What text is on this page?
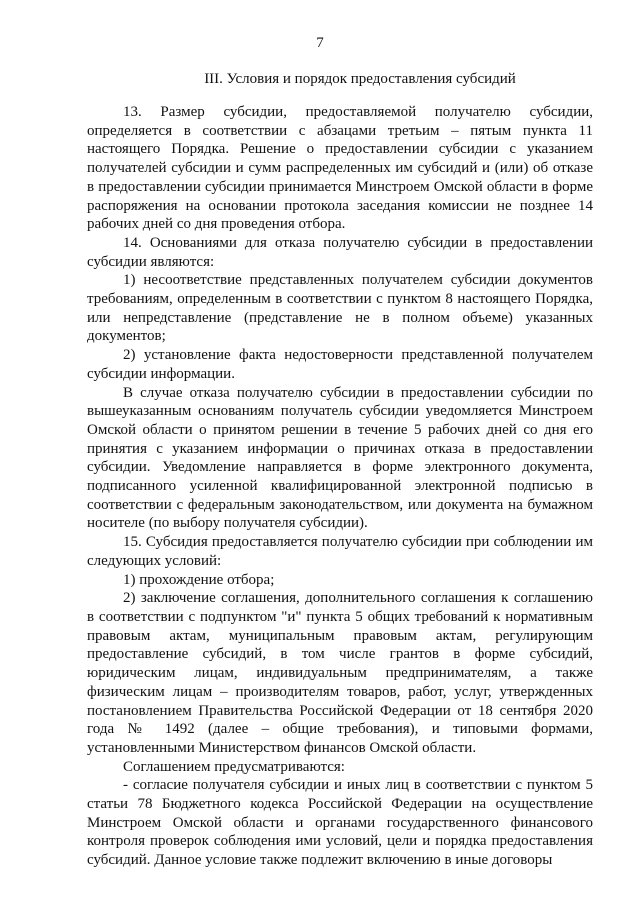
7
III. Условия и порядок предоставления субсидий

13. Размер субсидии, предоставляемой получателю субсидии, определяется в соответствии с абзацами третьим – пятым пункта 11 настоящего Порядка. Решение о предоставлении субсидии с указанием получателей субсидии и сумм распределенных им субсидий и (или) об отказе в предоставлении субсидии принимается Минстроем Омской области в форме распоряжения на основании протокола заседания комиссии не позднее 14 рабочих дней со дня проведения отбора.

14. Основаниями для отказа получателю субсидии в предоставлении субсидии являются:

1) несоответствие представленных получателем субсидии документов требованиям, определенным в соответствии с пунктом 8 настоящего Порядка, или непредставление (представление не в полном объеме) указанных документов;

2) установление факта недостоверности представленной получателем субсидии информации.

В случае отказа получателю субсидии в предоставлении субсидии по вышеуказанным основаниям получатель субсидии уведомляется Минстроем Омской области о принятом решении в течение 5 рабочих дней со дня его принятия с указанием информации о причинах отказа в предоставлении субсидии. Уведомление направляется в форме электронного документа, подписанного усиленной квалифицированной электронной подписью в соответствии с федеральным законодательством, или документа на бумажном носителе (по выбору получателя субсидии).

15. Субсидия предоставляется получателю субсидии при соблюдении им следующих условий:

1) прохождение отбора;

2) заключение соглашения, дополнительного соглашения к соглашению в соответствии с подпунктом "и" пункта 5 общих требований к нормативным правовым актам, муниципальным правовым актам, регулирующим предоставление субсидий, в том числе грантов в форме субсидий, юридическим лицам, индивидуальным предпринимателям, а также физическим лицам – производителям товаров, работ, услуг, утвержденных постановлением Правительства Российской Федерации от 18 сентября 2020 года № 1492 (далее – общие требования), и типовыми формами, установленными Министерством финансов Омской области.

Соглашением предусматриваются:

- согласие получателя субсидии и иных лиц в соответствии с пунктом 5 статьи 78 Бюджетного кодекса Российской Федерации на осуществление Минстроем Омской области и органами государственного финансового контроля проверок соблюдения ими условий, цели и порядка предоставления субсидий. Данное условие также подлежит включению в иные договоры
